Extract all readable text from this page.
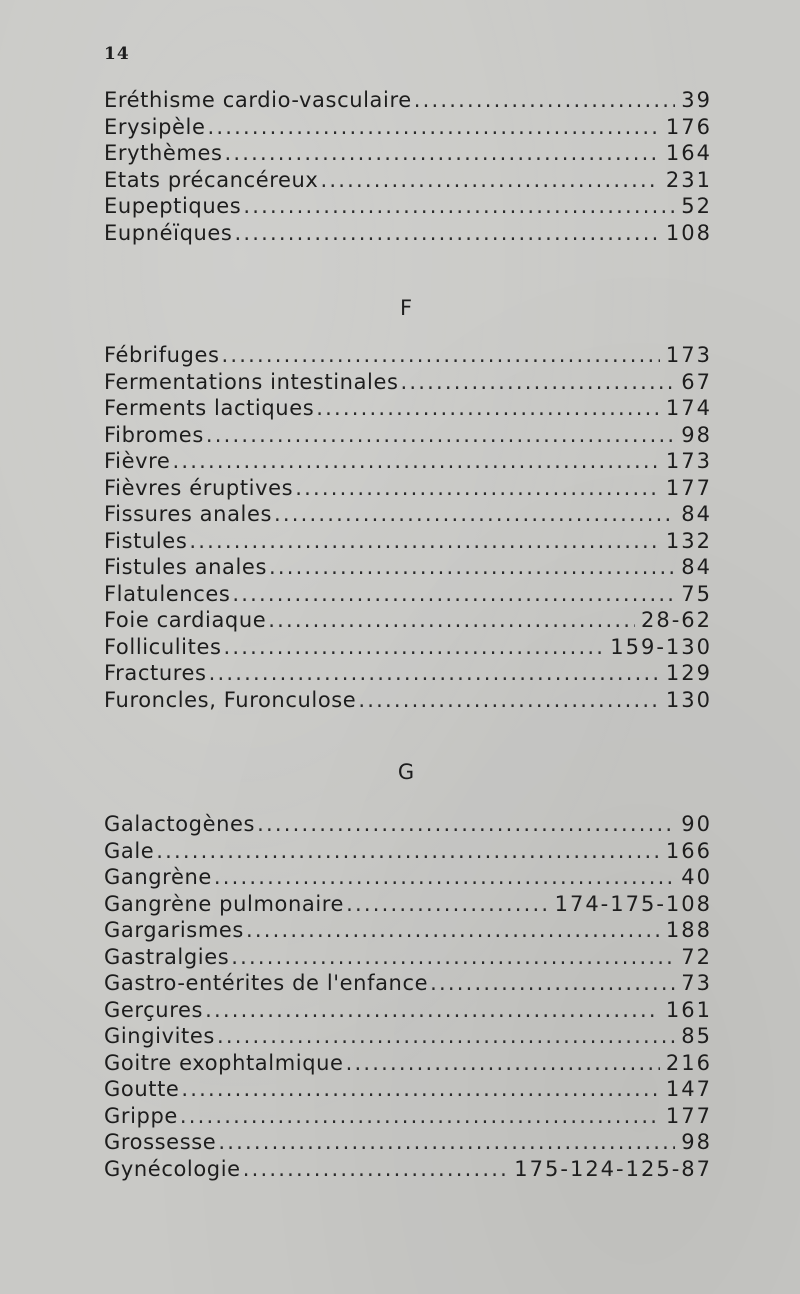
14
Eréthisme cardio-vasculaire .....	39
Erysipèle .....	176
Erythèmes .....	164
Etats précancéreux .....	231
Eupeptiques .....	52
Eupnéïques .....	108
F
Fébrifuges .....	173
Fermentations intestinales .....	67
Ferments lactiques .....	174
Fibromes .....	98
Fièvre .....	173
Fièvres éruptives .....	177
Fissures anales .....	84
Fistules .....	132
Fistules anales .....	84
Flatulences .....	75
Foie cardiaque .....	28-62
Folliculites .....	159-130
Fractures .....	129
Furoncles, Furonculose .....	130
G
Galactogènes .....	90
Gale .....	166
Gangrène .....	40
Gangrène pulmonaire .....	174-175-108
Gargarismes .....	188
Gastralgies .....	72
Gastro-entérites de l'enfance .....	73
Gerçures .....	161
Gingivites .....	85
Goitre exophtalmique .....	216
Goutte .....	147
Grippe .....	177
Grossesse .....	98
Gynécologie .....	175-124-125-87
